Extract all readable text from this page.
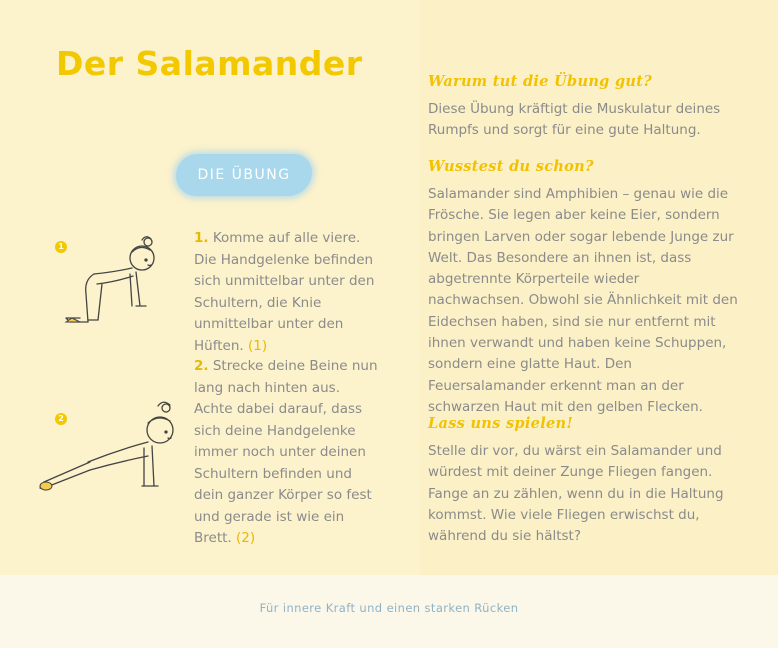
Der Salamander
DIE ÜBUNG
1

1. Komme auf alle viere. Die Handgelenke befinden sich unmittelbar unter den Schultern, die Knie unmittelbar unter den Hüften. (1)

2

2. Strecke deine Beine nun lang nach hinten aus. Achte dabei darauf, dass sich deine Handgelenke immer noch unter deinen Schultern befinden und dein ganzer Körper so fest und gerade ist wie ein Brett. (2)

Warum tut die Übung gut?

Diese Übung kräftigt die Muskulatur deines Rumpfs und sorgt für eine gute Haltung.

Wusstest du schon?

Salamander sind Amphibien – genau wie die Frösche. Sie legen aber keine Eier, sondern bringen Larven oder sogar lebende Junge zur Welt. Das Besondere an ihnen ist, dass abgetrennte Körperteile wieder nachwachsen. Obwohl sie Ähnlichkeit mit den Eidechsen haben, sind sie nur entfernt mit ihnen verwandt und haben keine Schuppen, sondern eine glatte Haut. Den Feuersalamander erkennt man an der schwarzen Haut mit den gelben Flecken.

Lass uns spielen!

Stelle dir vor, du wärst ein Salamander und würdest mit deiner Zunge Fliegen fangen. Fange an zu zählen, wenn du in die Haltung kommst. Wie viele Fliegen erwischst du, während du sie hältst?

Für innere Kraft und einen starken Rücken
